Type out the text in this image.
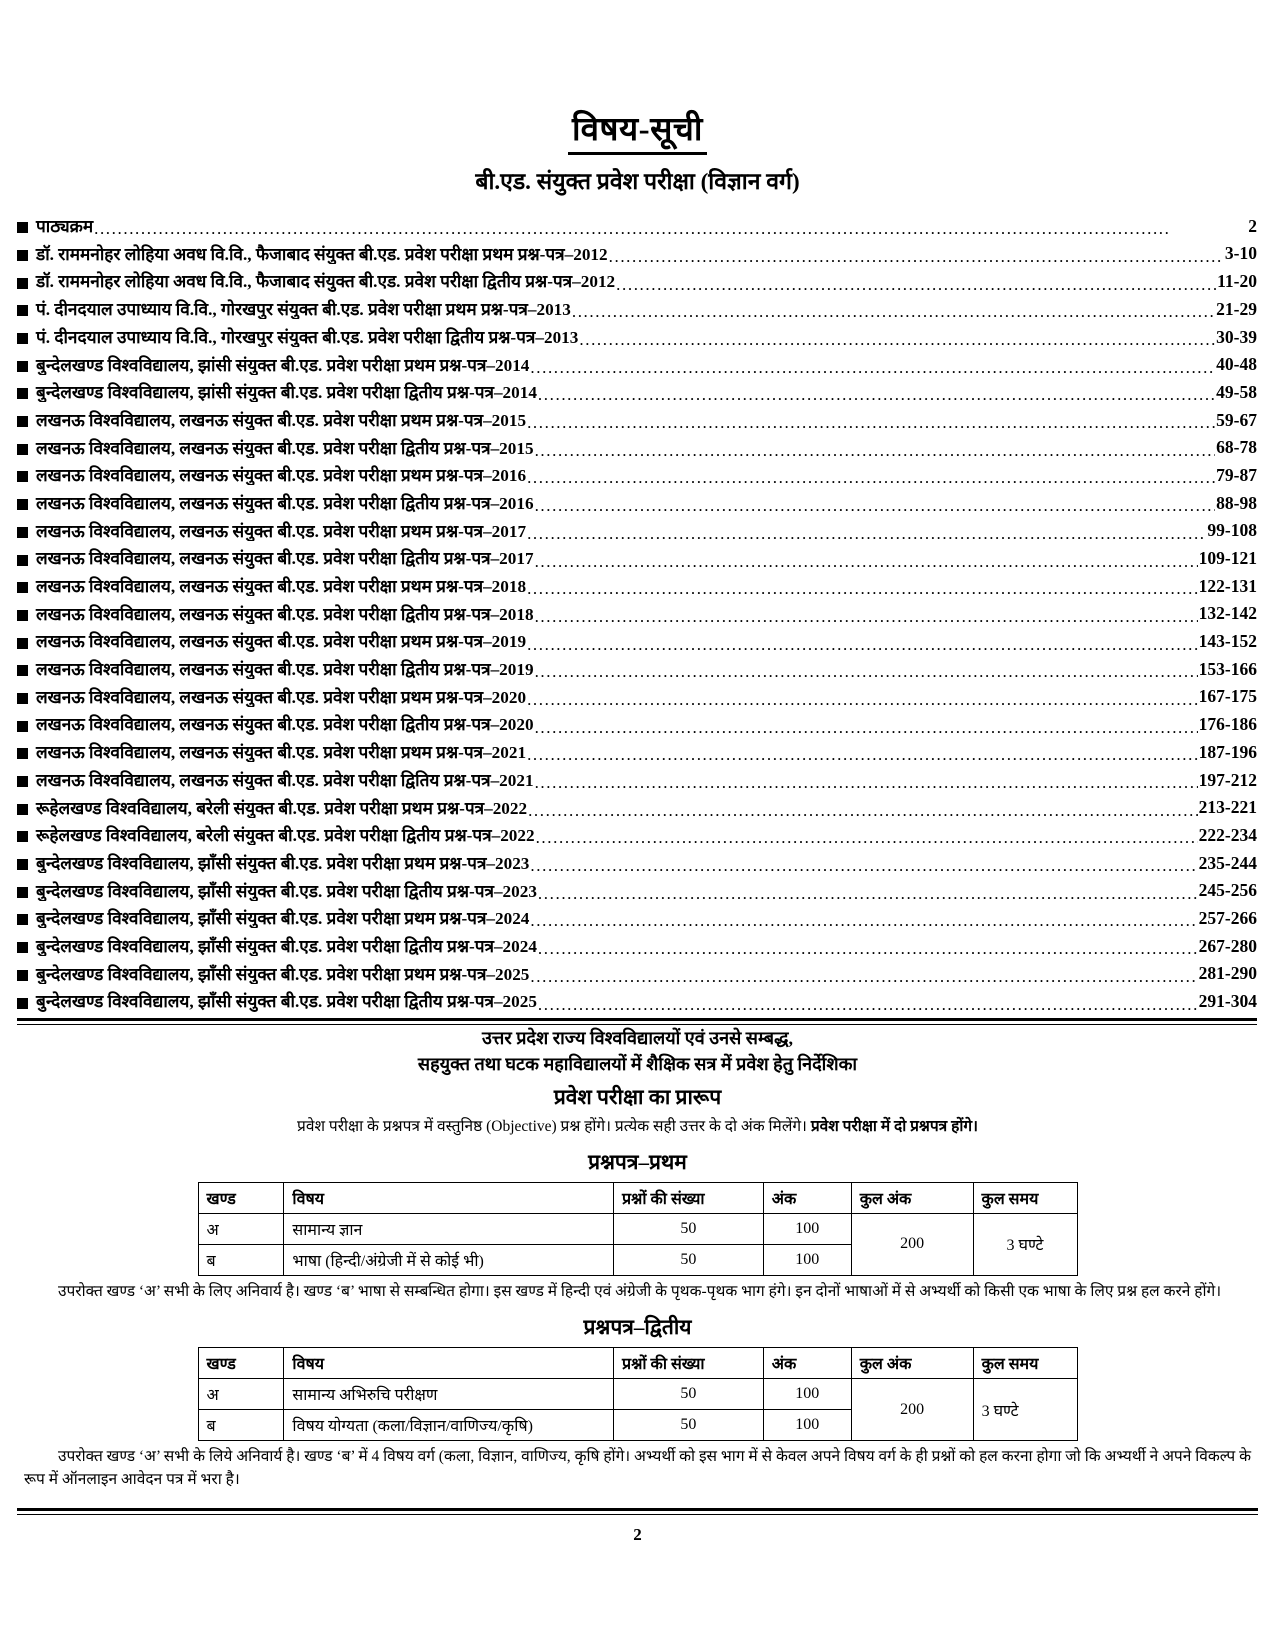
विषय-सूची
बी.एड. संयुक्त प्रवेश परीक्षा (विज्ञान वर्ग)
पाठ्यक्रम .....	2
डॉ. राममनोहर लोहिया अवध वि.वि., फैजाबाद संयुक्त बी.एड. प्रवेश परीक्षा प्रथम प्रश्न-पत्र–2012 .....	3-10
डॉ. राममनोहर लोहिया अवध वि.वि., फैजाबाद संयुक्त बी.एड. प्रवेश परीक्षा द्वितीय प्रश्न-पत्र–2012 .....	11-20
पं. दीनदयाल उपाध्याय वि.वि., गोरखपुर संयुक्त बी.एड. प्रवेश परीक्षा प्रथम प्रश्न-पत्र–2013 .....	21-29
पं. दीनदयाल उपाध्याय वि.वि., गोरखपुर संयुक्त बी.एड. प्रवेश परीक्षा द्वितीय प्रश्न-पत्र–2013 .....	30-39
बुन्देलखण्ड विश्वविद्यालय, झांसी संयुक्त बी.एड. प्रवेश परीक्षा प्रथम प्रश्न-पत्र–2014 .....	40-48
बुन्देलखण्ड विश्वविद्यालय, झांसी संयुक्त बी.एड. प्रवेश परीक्षा द्वितीय प्रश्न-पत्र–2014 .....	49-58
लखनऊ विश्वविद्यालय, लखनऊ संयुक्त बी.एड. प्रवेश परीक्षा प्रथम प्रश्न-पत्र–2015 .....	59-67
लखनऊ विश्वविद्यालय, लखनऊ संयुक्त बी.एड. प्रवेश परीक्षा द्वितीय प्रश्न-पत्र–2015 .....	68-78
लखनऊ विश्वविद्यालय, लखनऊ संयुक्त बी.एड. प्रवेश परीक्षा प्रथम प्रश्न-पत्र–2016 .....	79-87
लखनऊ विश्वविद्यालय, लखनऊ संयुक्त बी.एड. प्रवेश परीक्षा द्वितीय प्रश्न-पत्र–2016 .....	88-98
लखनऊ विश्वविद्यालय, लखनऊ संयुक्त बी.एड. प्रवेश परीक्षा प्रथम प्रश्न-पत्र–2017 .....	99-108
लखनऊ विश्वविद्यालय, लखनऊ संयुक्त बी.एड. प्रवेश परीक्षा द्वितीय प्रश्न-पत्र–2017 .....	109-121
लखनऊ विश्वविद्यालय, लखनऊ संयुक्त बी.एड. प्रवेश परीक्षा प्रथम प्रश्न-पत्र–2018 .....	122-131
लखनऊ विश्वविद्यालय, लखनऊ संयुक्त बी.एड. प्रवेश परीक्षा द्वितीय प्रश्न-पत्र–2018 .....	132-142
लखनऊ विश्वविद्यालय, लखनऊ संयुक्त बी.एड. प्रवेश परीक्षा प्रथम प्रश्न-पत्र–2019 .....	143-152
लखनऊ विश्वविद्यालय, लखनऊ संयुक्त बी.एड. प्रवेश परीक्षा द्वितीय प्रश्न-पत्र–2019 .....	153-166
लखनऊ विश्वविद्यालय, लखनऊ संयुक्त बी.एड. प्रवेश परीक्षा प्रथम प्रश्न-पत्र–2020 .....	167-175
लखनऊ विश्वविद्यालय, लखनऊ संयुक्त बी.एड. प्रवेश परीक्षा द्वितीय प्रश्न-पत्र–2020 .....	176-186
लखनऊ विश्वविद्यालय, लखनऊ संयुक्त बी.एड. प्रवेश परीक्षा प्रथम प्रश्न-पत्र–2021 .....	187-196
लखनऊ विश्वविद्यालय, लखनऊ संयुक्त बी.एड. प्रवेश परीक्षा द्वितिय प्रश्न-पत्र–2021 .....	197-212
रूहेलखण्ड विश्वविद्यालय, बरेली संयुक्त बी.एड. प्रवेश परीक्षा प्रथम प्रश्न-पत्र–2022 .....	213-221
रूहेलखण्ड विश्वविद्यालय, बरेली संयुक्त बी.एड. प्रवेश परीक्षा द्वितीय प्रश्न-पत्र–2022 .....	222-234
बुन्देलखण्ड विश्वविद्यालय, झाँसी संयुक्त बी.एड. प्रवेश परीक्षा प्रथम प्रश्न-पत्र–2023 .....	235-244
बुन्देलखण्ड विश्वविद्यालय, झाँसी संयुक्त बी.एड. प्रवेश परीक्षा द्वितीय प्रश्न-पत्र–2023 .....	245-256
बुन्देलखण्ड विश्वविद्यालय, झाँसी संयुक्त बी.एड. प्रवेश परीक्षा प्रथम प्रश्न-पत्र–2024 .....	257-266
बुन्देलखण्ड विश्वविद्यालय, झाँसी संयुक्त बी.एड. प्रवेश परीक्षा द्वितीय प्रश्न-पत्र–2024 .....	267-280
बुन्देलखण्ड विश्वविद्यालय, झाँसी संयुक्त बी.एड. प्रवेश परीक्षा प्रथम प्रश्न-पत्र–2025 .....	281-290
बुन्देलखण्ड विश्वविद्यालय, झाँसी संयुक्त बी.एड. प्रवेश परीक्षा द्वितीय प्रश्न-पत्र–2025 .....	291-304
उत्तर प्रदेश राज्य विश्वविद्यालयों एवं उनसे सम्बद्ध,
सहयुक्त तथा घटक महाविद्यालयों में शैक्षिक सत्र में प्रवेश हेतु निर्देशिका
प्रवेश परीक्षा का प्रारूप

प्रवेश परीक्षा के प्रश्नपत्र में वस्तुनिष्ठ (Objective) प्रश्न होंगे। प्रत्येक सही उत्तर के दो अंक मिलेंगे। प्रवेश परीक्षा में दो प्रश्नपत्र होंगे।

प्रश्नपत्र–प्रथम
खण्ड	विषय	प्रश्नों की संख्या	अंक	कुल अंक	कुल समय
अ	सामान्य ज्ञान	50	100	200	3 घण्टे
ब	भाषा (हिन्दी/अंग्रेजी में से कोई भी)	50	100		

उपरोक्त खण्ड ‘अ’ सभी के लिए अनिवार्य है। खण्ड ‘ब’ भाषा से सम्बन्धित होगा। इस खण्ड में हिन्दी एवं अंग्रेजी के पृथक-पृथक भाग हंगे। इन दोनों भाषाओं में से अभ्यर्थी को किसी एक भाषा के लिए प्रश्न हल करने होंगे।

प्रश्नपत्र–द्वितीय
खण्ड	विषय	प्रश्नों की संख्या	अंक	कुल अंक	कुल समय
अ	सामान्य अभिरुचि परीक्षण	50	100	200	3 घण्टे
ब	विषय योग्यता (कला/विज्ञान/वाणिज्य/कृषि)	50	100		

उपरोक्त खण्ड ‘अ’ सभी के लिये अनिवार्य है। खण्ड ‘ब’ में 4 विषय वर्ग (कला, विज्ञान, वाणिज्य, कृषि होंगे। अभ्यर्थी को इस भाग में से केवल अपने विषय वर्ग के ही प्रश्नों को हल करना होगा जो कि अभ्यर्थी ने अपने विकल्प के रूप में ऑनलाइन आवेदन पत्र में भरा है।

2
